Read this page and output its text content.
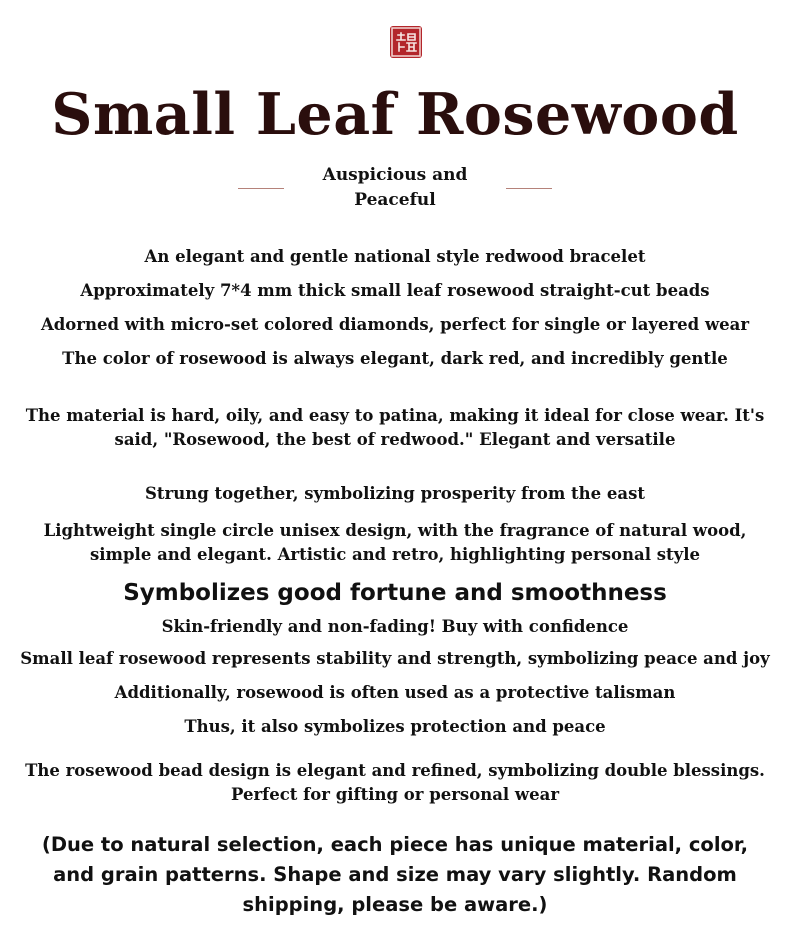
Small Leaf Rosewood
Auspicious and
Peaceful
An elegant and gentle national style redwood bracelet
Approximately 7*4 mm thick small leaf rosewood straight-cut beads
Adorned with micro-set colored diamonds, perfect for single or layered wear
The color of rosewood is always elegant, dark red, and incredibly gentle
The material is hard, oily, and easy to patina, making it ideal for close wear. It's said, "Rosewood, the best of redwood." Elegant and versatile
Strung together, symbolizing prosperity from the east
Lightweight single circle unisex design, with the fragrance of natural wood, simple and elegant. Artistic and retro, highlighting personal style
Symbolizes good fortune and smoothness
Skin-friendly and non-fading! Buy with confidence
Small leaf rosewood represents stability and strength, symbolizing peace and joy
Additionally, rosewood is often used as a protective talisman
Thus, it also symbolizes protection and peace
The rosewood bead design is elegant and refined, symbolizing double blessings. Perfect for gifting or personal wear
(Due to natural selection, each piece has unique material, color, and grain patterns. Shape and size may vary slightly. Random shipping, please be aware.)
